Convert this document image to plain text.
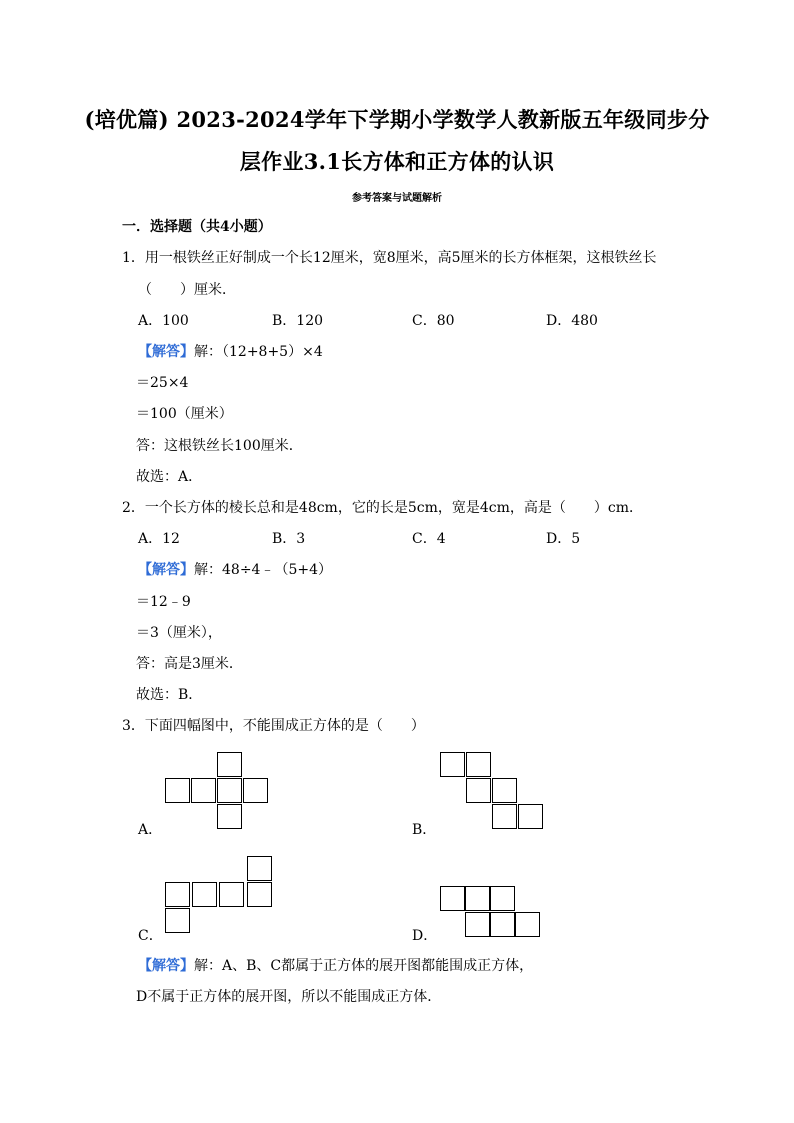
(培优篇) 2023-2024学年下学期小学数学人教新版五年级同步分
层作业3.1长方体和正方体的认识
参考答案与试题解析
一．选择题（共4小题）
1．用一根铁丝正好制成一个长12厘米，宽8厘米，高5厘米的长方体框架，这根铁丝长
（　　）厘米．
A．100	B．120	C．80	D．480
【解答】解：（12+8+5）×4
＝25×4
＝100（厘米）
答：这根铁丝长100厘米．
故选：A．
2．一个长方体的棱长总和是48cm，它的长是5cm，宽是4cm，高是（　　）cm．
A．12	B．3	C．4	D．5
【解答】解：48÷4﹣（5+4）
＝12﹣9
＝3（厘米），
答：高是3厘米．
故选：B．
3．下面四幅图中，不能围成正方体的是（　　）
A．	B．
C．	D．
【解答】解：A、B、C都属于正方体的展开图都能围成正方体，
D不属于正方体的展开图，所以不能围成正方体．
